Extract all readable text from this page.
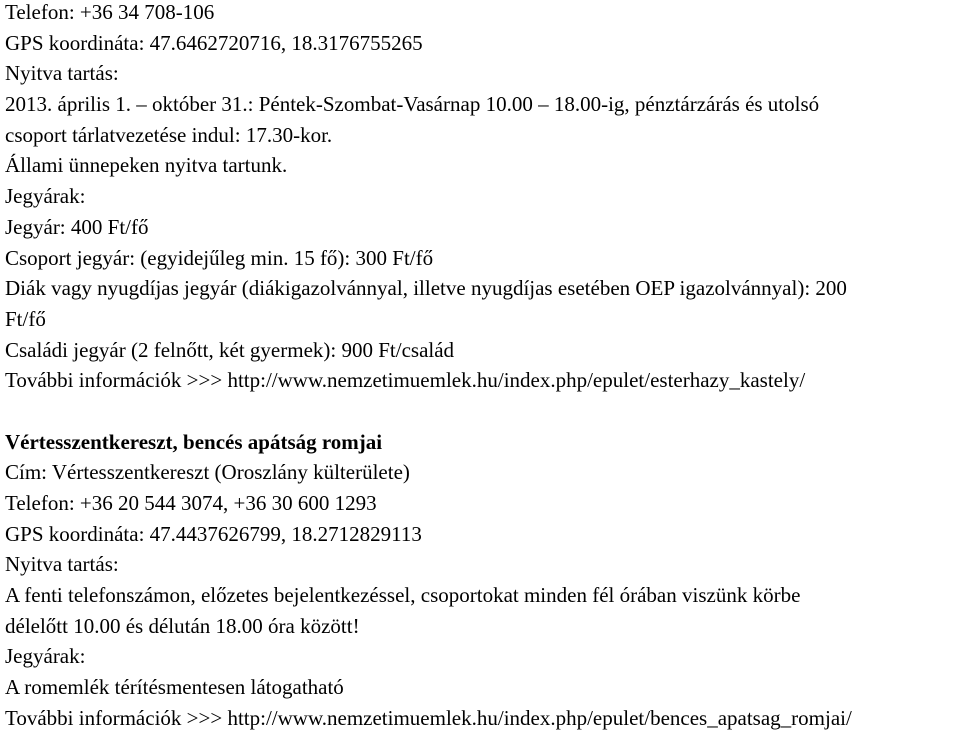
Telefon: +36 34 708-106
GPS koordináta: 47.6462720716, 18.3176755265
Nyitva tartás:
2013. április 1. – október 31.: Péntek-Szombat-Vasárnap 10.00 – 18.00-ig, pénztárzárás és utolsó
csoport tárlatvezetése indul: 17.30-kor.
Állami ünnepeken nyitva tartunk.
Jegyárak:
Jegyár: 400 Ft/fő
Csoport jegyár: (egyidejűleg min. 15 fő): 300 Ft/fő
Diák vagy nyugdíjas jegyár (diákigazolvánnyal, illetve nyugdíjas esetében OEP igazolvánnyal): 200
Ft/fő
Családi jegyár (2 felnőtt, két gyermek): 900 Ft/család
További információk >>> http://www.nemzetimuemlek.hu/index.php/epulet/esterhazy_kastely/
Vértesszentkereszt, bencés apátság romjai
Cím: Vértesszentkereszt (Oroszlány külterülete)
Telefon: +36 20 544 3074, +36 30 600 1293
GPS koordináta: 47.4437626799, 18.2712829113
Nyitva tartás:
A fenti telefonszámon, előzetes bejelentkezéssel, csoportokat minden fél órában viszünk körbe
délelőtt 10.00 és délután 18.00 óra között!
Jegyárak:
A romemlék térítésmentesen látogatható
További információk >>> http://www.nemzetimuemlek.hu/index.php/epulet/bences_apatsag_romjai/
